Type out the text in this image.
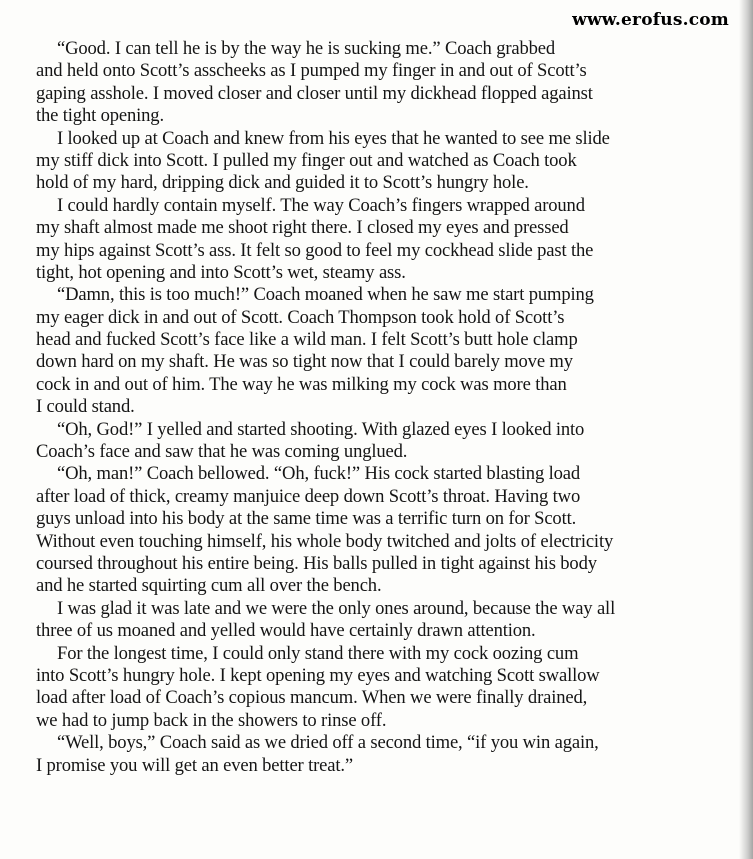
www.erofus.com
“Good. I can tell he is by the way he is sucking me.” Coach grabbed
and held onto Scott’s asscheeks as I pumped my finger in and out of Scott’s
gaping asshole. I moved closer and closer until my dickhead flopped against
the tight opening.
I looked up at Coach and knew from his eyes that he wanted to see me slide
my stiff dick into Scott. I pulled my finger out and watched as Coach took
hold of my hard, dripping dick and guided it to Scott’s hungry hole.
I could hardly contain myself. The way Coach’s fingers wrapped around
my shaft almost made me shoot right there. I closed my eyes and pressed
my hips against Scott’s ass. It felt so good to feel my cockhead slide past the
tight, hot opening and into Scott’s wet, steamy ass.
“Damn, this is too much!” Coach moaned when he saw me start pumping
my eager dick in and out of Scott. Coach Thompson took hold of Scott’s
head and fucked Scott’s face like a wild man. I felt Scott’s butt hole clamp
down hard on my shaft. He was so tight now that I could barely move my
cock in and out of him. The way he was milking my cock was more than
I could stand.
“Oh, God!” I yelled and started shooting. With glazed eyes I looked into
Coach’s face and saw that he was coming unglued.
“Oh, man!” Coach bellowed. “Oh, fuck!” His cock started blasting load
after load of thick, creamy manjuice deep down Scott’s throat. Having two
guys unload into his body at the same time was a terrific turn on for Scott.
Without even touching himself, his whole body twitched and jolts of electricity
coursed throughout his entire being. His balls pulled in tight against his body
and he started squirting cum all over the bench.
I was glad it was late and we were the only ones around, because the way all
three of us moaned and yelled would have certainly drawn attention.
For the longest time, I could only stand there with my cock oozing cum
into Scott’s hungry hole. I kept opening my eyes and watching Scott swallow
load after load of Coach’s copious mancum. When we were finally drained,
we had to jump back in the showers to rinse off.
“Well, boys,” Coach said as we dried off a second time, “if you win again,
I promise you will get an even better treat.”
